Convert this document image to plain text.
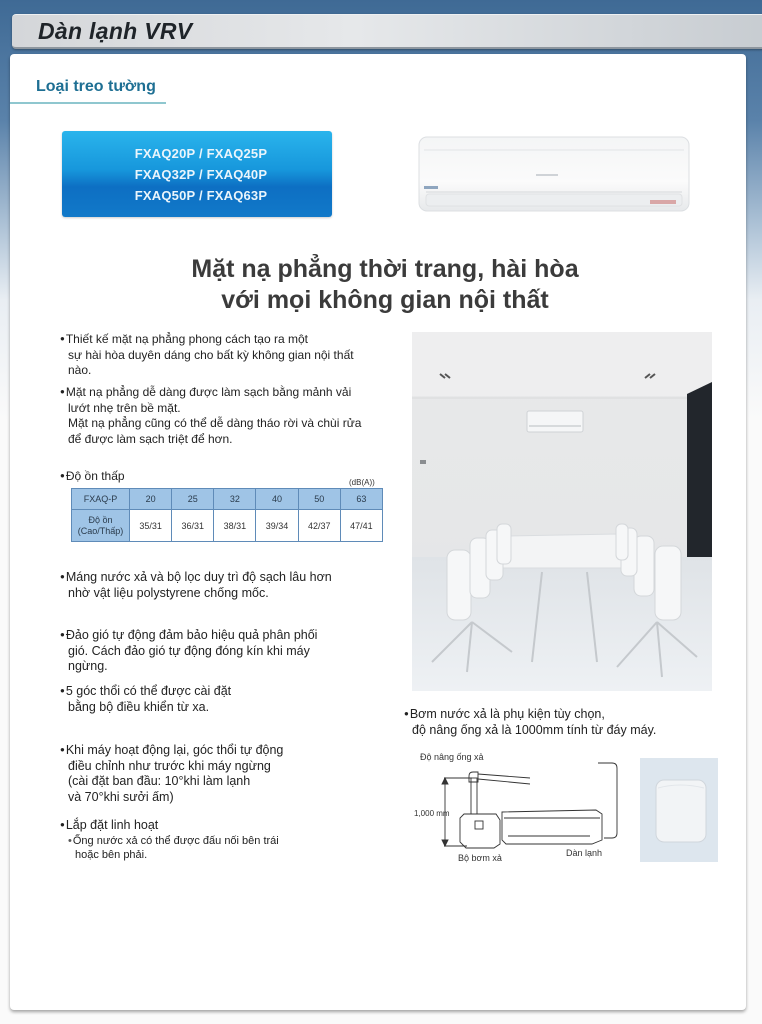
Dàn lạnh VRV
Loại treo tường
FXAQ20P / FXAQ25P
FXAQ32P / FXAQ40P
FXAQ50P / FXAQ63P
Mặt nạ phẳng thời trang, hài hòa
với mọi không gian nội thất
● Thiết kế mặt nạ phẳng phong cách tạo ra một
sự hài hòa duyên dáng cho bất kỳ không gian nội thất
nào.
● Mặt nạ phẳng dễ dàng được làm sạch bằng mảnh vải
lướt nhẹ trên bề mặt.
Mặt nạ phẳng cũng có thể dễ dàng tháo rời và chùi rửa
để được làm sạch triệt để hơn.
● Độ ồn thấp	(dB(A))
FXAQ-P	20	25	32	40	50	63

Độ ồn
(Cao/Thấp)	35/31	36/31	38/31	39/34	42/37	47/41
● Máng nước xả và bộ lọc duy trì độ sạch lâu hơn
nhờ vật liệu polystyrene chống mốc.
● Đảo gió tự động đảm bảo hiệu quả phân phối
gió. Cách đảo gió tự động đóng kín khi máy
ngừng.
● 5 góc thổi có thể được cài đặt
bằng bộ điều khiển từ xa.
● Khi máy hoạt động lại, góc thổi tự động
điều chỉnh như trước khi máy ngừng
(cài đặt ban đầu: 10°khi làm lạnh
và 70°khi sưởi ấm)
● Lắp đặt linh hoạt
• Ống nước xả có thể được đấu nối bên trái
hoặc bên phải.
● Bơm nước xả là phụ kiện tùy chọn,
độ nâng ống xả là 1000mm tính từ đáy máy.
Độ nâng ống xả
1,000 mm
Bộ bơm xả	Dàn lạnh
